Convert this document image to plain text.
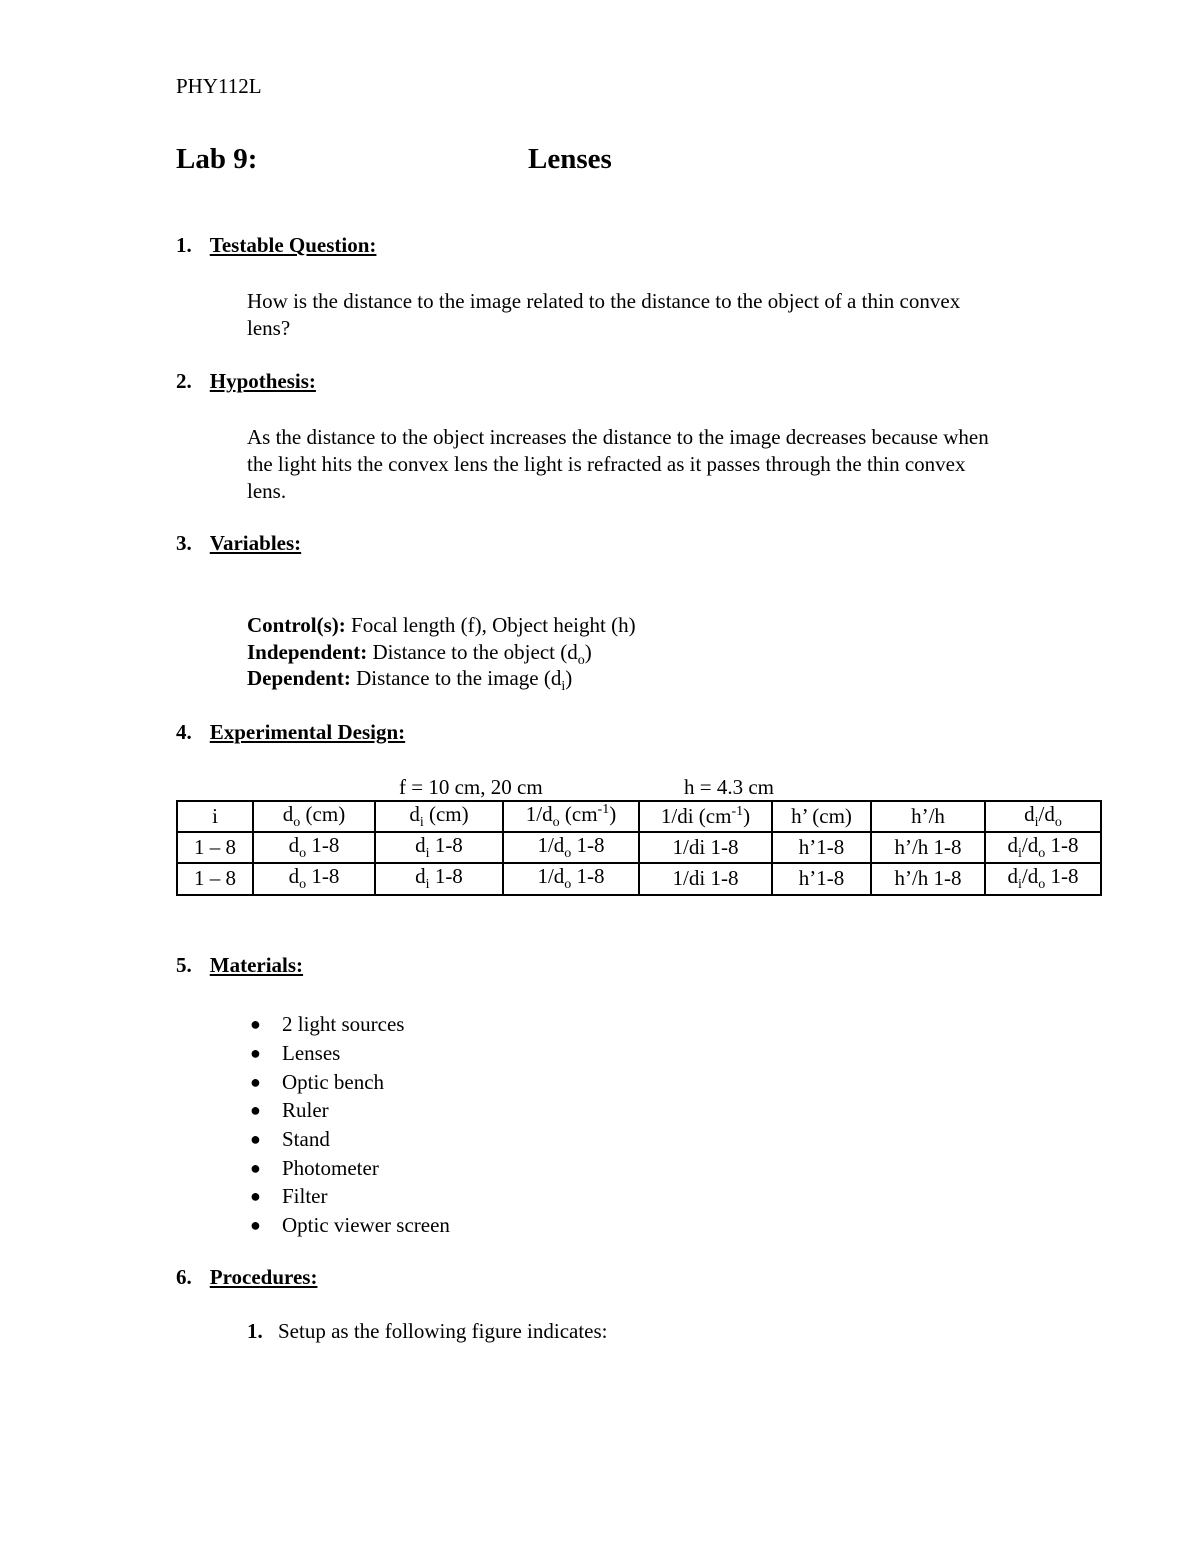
PHY112L
Lab 9:	Lenses
1. Testable Question:
How is the distance to the image related to the distance to the object of a thin convex
lens?
2. Hypothesis:
As the distance to the object increases the distance to the image decreases because when
the light hits the convex lens the light is refracted as it passes through the thin convex
lens.
3. Variables:
Control(s): Focal length (f), Object height (h)
Independent: Distance to the object $(d_o)$
Dependent: Distance to the image $(d_i)$
4. Experimental Design:
f = 10 cm, 20 cm	h = 4.3 cm
i	$d_o$ (cm)	$d_i$ (cm)	$1/d_o$ $(cm^{-1})$	1/di $(cm^{-1})$	h’ (cm)	h’/h	$d_i/d_o$
1 – 8	$d_o$ 1-8	$d_i$ 1-8	$1/d_o$ 1-8	1/di 1-8	h’1-8	h’/h 1-8	$d_i/d_o$ 1-8
1 – 8	$d_o$ 1-8	$d_i$ 1-8	$1/d_o$ 1-8	1/di 1-8	h’1-8	h’/h 1-8	$d_i/d_o$ 1-8
5. Materials:
●	2 light sources
●	Lenses
●	Optic bench
●	Ruler
●	Stand
●	Photometer
●	Filter
●	Optic viewer screen
6. Procedures:
1. Setup as the following figure indicates:
